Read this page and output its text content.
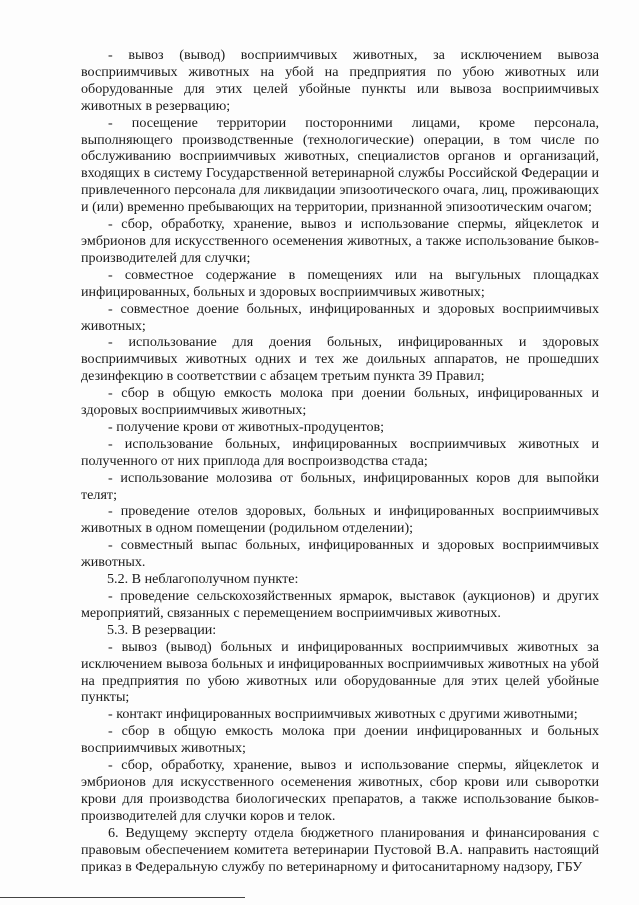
- вывоз (вывод) восприимчивых животных, за исключением вывоза восприимчивых животных на убой на предприятия по убою животных или оборудованные для этих целей убойные пункты или вывоза восприимчивых животных в резервацию;

- посещение территории посторонними лицами, кроме персонала, выполняющего производственные (технологические) операции, в том числе по обслуживанию восприимчивых животных, специалистов органов и организаций, входящих в систему Государственной ветеринарной службы Российской Федерации и привлеченного персонала для ликвидации эпизоотического очага, лиц, проживающих и (или) временно пребывающих на территории, признанной эпизоотическим очагом;

- сбор, обработку, хранение, вывоз и использование спермы, яйцеклеток и эмбрионов для искусственного осеменения животных, а также использование быков-производителей для случки;

- совместное содержание в помещениях или на выгульных площадках инфицированных, больных и здоровых восприимчивых животных;

- совместное доение больных, инфицированных и здоровых восприимчивых животных;

- использование для доения больных, инфицированных и здоровых восприимчивых животных одних и тех же доильных аппаратов, не прошедших дезинфекцию в соответствии с абзацем третьим пункта 39 Правил;

- сбор в общую емкость молока при доении больных, инфицированных и здоровых восприимчивых животных;

- получение крови от животных-продуцентов;

- использование больных, инфицированных восприимчивых животных и полученного от них приплода для воспроизводства стада;

- использование молозива от больных, инфицированных коров для выпойки телят;

- проведение отелов здоровых, больных и инфицированных восприимчивых животных в одном помещении (родильном отделении);

- совместный выпас больных, инфицированных и здоровых восприимчивых животных.

5.2. В неблагополучном пункте:

- проведение сельскохозяйственных ярмарок, выставок (аукционов) и других мероприятий, связанных с перемещением восприимчивых животных.

5.3. В резервации:

- вывоз (вывод) больных и инфицированных восприимчивых животных за исключением вывоза больных и инфицированных восприимчивых животных на убой на предприятия по убою животных или оборудованные для этих целей убойные пункты;

- контакт инфицированных восприимчивых животных с другими животными;

- сбор в общую емкость молока при доении инфицированных и больных восприимчивых животных;

- сбор, обработку, хранение, вывоз и использование спермы, яйцеклеток и эмбрионов для искусственного осеменения животных, сбор крови или сыворотки крови для производства биологических препаратов, а также использование быков-производителей для случки коров и телок.

6. Ведущему эксперту отдела бюджетного планирования и финансирования с правовым обеспечением комитета ветеринарии Пустовой В.А. направить настоящий приказ в Федеральную службу по ветеринарному и фитосанитарному надзору, ГБУ
